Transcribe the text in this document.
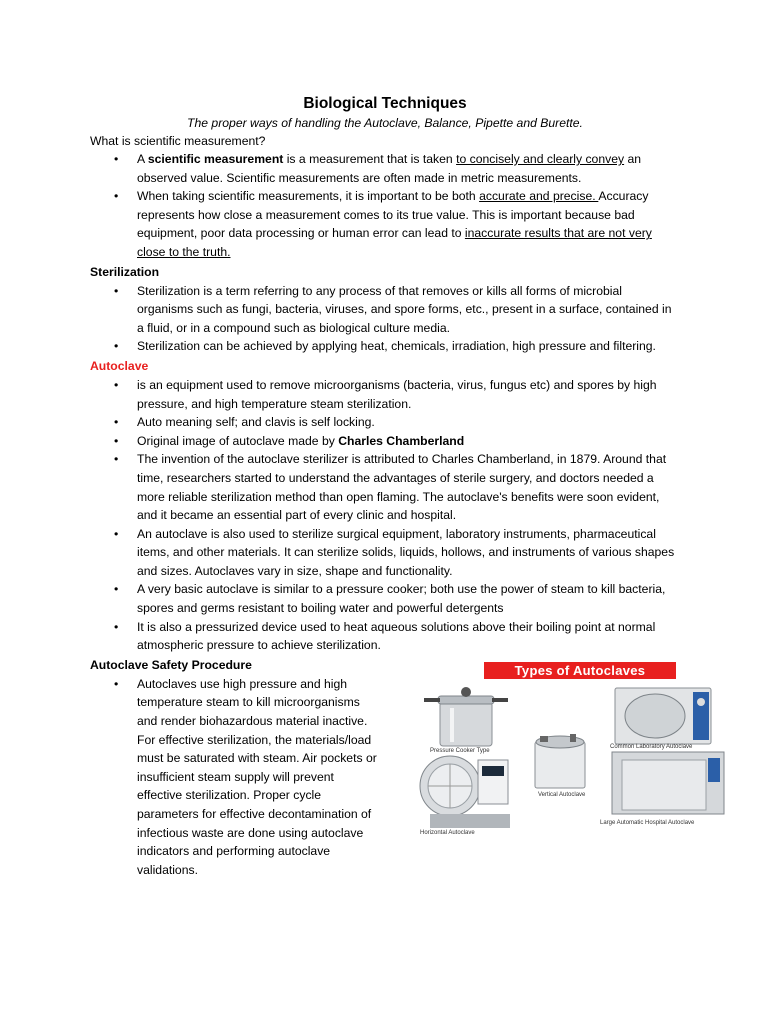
Biological Techniques
The proper ways of handling the Autoclave, Balance, Pipette and Burette.
What is scientific measurement?
• A scientific measurement is a measurement that is taken to concisely and clearly convey an observed value. Scientific measurements are often made in metric measurements.
• When taking scientific measurements, it is important to be both accurate and precise. Accuracy represents how close a measurement comes to its true value. This is important because bad equipment, poor data processing or human error can lead to inaccurate results that are not very close to the truth.
Sterilization
• Sterilization is a term referring to any process of that removes or kills all forms of microbial organisms such as fungi, bacteria, viruses, and spore forms, etc., present in a surface, contained in a fluid, or in a compound such as biological culture media.
• Sterilization can be achieved by applying heat, chemicals, irradiation, high pressure and filtering.
Autoclave
• is an equipment used to remove microorganisms (bacteria, virus, fungus etc) and spores by high pressure, and high temperature steam sterilization.
• Auto meaning self; and clavis is self locking.
• Original image of autoclave made by Charles Chamberland
• The invention of the autoclave sterilizer is attributed to Charles Chamberland, in 1879. Around that time, researchers started to understand the advantages of sterile surgery, and doctors needed a more reliable sterilization method than open flaming. The autoclave's benefits were soon evident, and it became an essential part of every clinic and hospital.
• An autoclave is also used to sterilize surgical equipment, laboratory instruments, pharmaceutical items, and other materials. It can sterilize solids, liquids, hollows, and instruments of various shapes and sizes. Autoclaves vary in size, shape and functionality.
• A very basic autoclave is similar to a pressure cooker; both use the power of steam to kill bacteria, spores and germs resistant to boiling water and powerful detergents
• It is also a pressurized device used to heat aqueous solutions above their boiling point at normal atmospheric pressure to achieve sterilization.
Autoclave Safety Procedure
• Autoclaves use high pressure and high temperature steam to kill microorganisms and render biohazardous material inactive. For effective sterilization, the materials/load must be saturated with steam. Air pockets or insufficient steam supply will prevent effective sterilization. Proper cycle parameters for effective decontamination of infectious waste are done using autoclave indicators and performing autoclave validations.
Types of Autoclaves
Pressure Cooker Type
Common Laboratory Autoclave
Vertical Autoclave
Horizontal Autoclave
Large Automatic Hospital Autoclave
